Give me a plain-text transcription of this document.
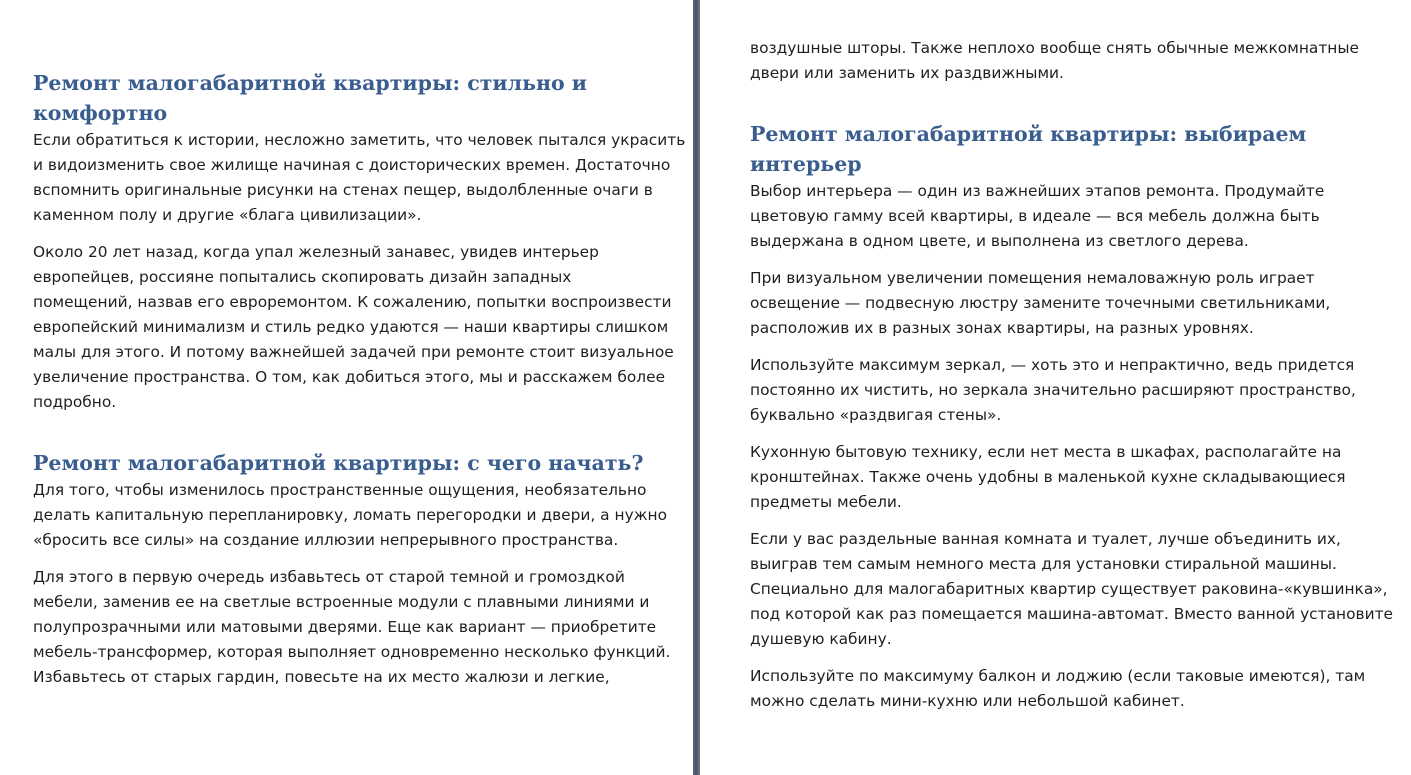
Ремонт малогабаритной квартиры: стильно и
комфортно

Если обратиться к истории, несложно заметить, что человек пытался украсить
и видоизменить свое жилище начиная с доисторических времен. Достаточно
вспомнить оригинальные рисунки на стенах пещер, выдолбленные очаги в
каменном полу и другие «блага цивилизации».

Около 20 лет назад, когда упал железный занавес, увидев интерьер
европейцев, россияне попытались скопировать дизайн западных
помещений, назвав его евроремонтом. К сожалению, попытки воспроизвести
европейский минимализм и стиль редко удаются — наши квартиры слишком
малы для этого. И потому важнейшей задачей при ремонте стоит визуальное
увеличение пространства. О том, как добиться этого, мы и расскажем более
подробно.

Ремонт малогабаритной квартиры: с чего начать?

Для того, чтобы изменилось пространственные ощущения, необязательно
делать капитальную перепланировку, ломать перегородки и двери, а нужно
«бросить все силы» на создание иллюзии непрерывного пространства.

Для этого в первую очередь избавьтесь от старой темной и громоздкой
мебели, заменив ее на светлые встроенные модули с плавными линиями и
полупрозрачными или матовыми дверями. Еще как вариант — приобретите
мебель-трансформер, которая выполняет одновременно несколько функций.
Избавьтесь от старых гардин, повесьте на их место жалюзи и легкие,

воздушные шторы. Также неплохо вообще снять обычные межкомнатные
двери или заменить их раздвижными.

Ремонт малогабаритной квартиры: выбираем интерьер

Выбор интерьера — один из важнейших этапов ремонта. Продумайте
цветовую гамму всей квартиры, в идеале — вся мебель должна быть
выдержана в одном цвете, и выполнена из светлого дерева.

При визуальном увеличении помещения немаловажную роль играет
освещение — подвесную люстру замените точечными светильниками,
расположив их в разных зонах квартиры, на разных уровнях.

Используйте максимум зеркал, — хоть это и непрактично, ведь придется
постоянно их чистить, но зеркала значительно расширяют пространство,
буквально «раздвигая стены».

Кухонную бытовую технику, если нет места в шкафах, располагайте на
кронштейнах. Также очень удобны в маленькой кухне складывающиеся
предметы мебели.

Если у вас раздельные ванная комната и туалет, лучше объединить их,
выиграв тем самым немного места для установки стиральной машины.
Специально для малогабаритных квартир существует раковина-«кувшинка»,
под которой как раз помещается машина-автомат. Вместо ванной установите
душевую кабину.

Используйте по максимуму балкон и лоджию (если таковые имеются), там
можно сделать мини-кухню или небольшой кабинет.
